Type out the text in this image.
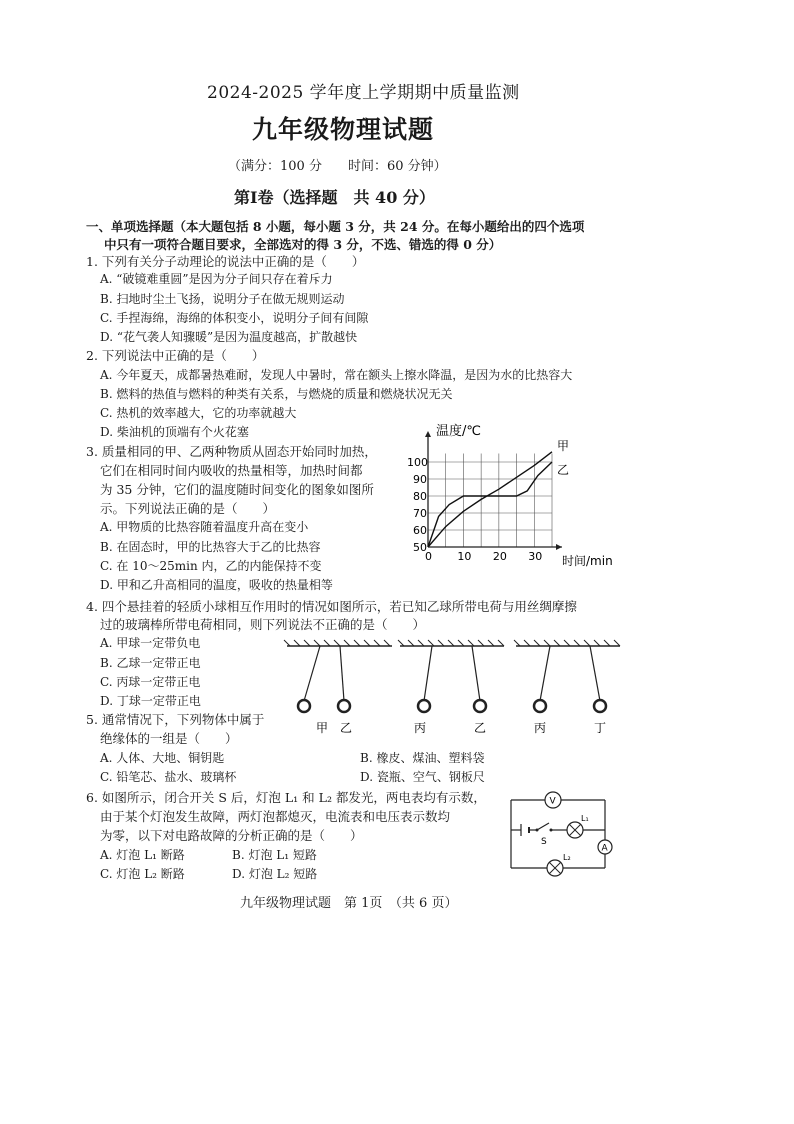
2024-2025 学年度上学期期中质量监测
九年级物理试题
（满分：100 分　　时间：60 分钟）
第Ⅰ卷（选择题　共 40 分）
一、单项选择题（本大题包括 8 小题，每小题 3 分，共 24 分。在每小题给出的四个选项
中只有一项符合题目要求，全部选对的得 3 分，不选、错选的得 0 分）
1. 下列有关分子动理论的说法中正确的是（　　）
A. “破镜难重圆”是因为分子间只存在着斥力
B. 扫地时尘土飞扬，说明分子在做无规则运动
C. 手捏海绵，海绵的体积变小，说明分子间有间隙
D. “花气袭人知骤暖”是因为温度越高，扩散越快
2. 下列说法中正确的是（　　）
A. 今年夏天，成都暑热难耐，发现人中暑时，常在额头上擦水降温，是因为水的比热容大
B. 燃料的热值与燃料的种类有关系，与燃烧的质量和燃烧状况无关
C. 热机的效率越大，它的功率就越大
D. 柴油机的顶端有个火花塞
3. 质量相同的甲、乙两种物质从固态开始同时加热，
它们在相同时间内吸收的热量相等，加热时间都
为 35 分钟，它们的温度随时间变化的图象如图所
示。下列说法正确的是（　　）
A. 甲物质的比热容随着温度升高在变小
B. 在固态时，甲的比热容大于乙的比热容
C. 在 10～25min 内，乙的内能保持不变
D. 甲和乙升高相同的温度，吸收的热量相等
温度/℃
时间/min
0 10 20 30
50
60
70
80
90
100
甲
乙
4. 四个悬挂着的轻质小球相互作用时的情况如图所示，若已知乙球所带电荷与用丝绸摩擦
过的玻璃棒所带电荷相同，则下列说法不正确的是（　　）
A. 甲球一定带负电
B. 乙球一定带正电
C. 丙球一定带正电
D. 丁球一定带正电
甲 乙	丙	乙	丙	丁
5. 通常情况下，下列物体中属于
绝缘体的一组是（　　）
A. 人体、大地、铜钥匙	B. 橡皮、煤油、塑料袋
C. 铅笔芯、盐水、玻璃杯	D. 瓷瓶、空气、钢板尺
6. 如图所示，闭合开关 S 后，灯泡 L₁ 和 L₂ 都发光，两电表均有示数，
由于某个灯泡发生故障，两灯泡都熄灭，电流表和电压表示数均
为零，以下对电路故障的分析正确的是（　　）
A. 灯泡 L₁ 断路	B. 灯泡 L₁ 短路
C. 灯泡 L₂ 断路	D. 灯泡 L₂ 短路
S
V
L₁
A
L₂
九年级物理试题　第 1页　（共 6 页）
